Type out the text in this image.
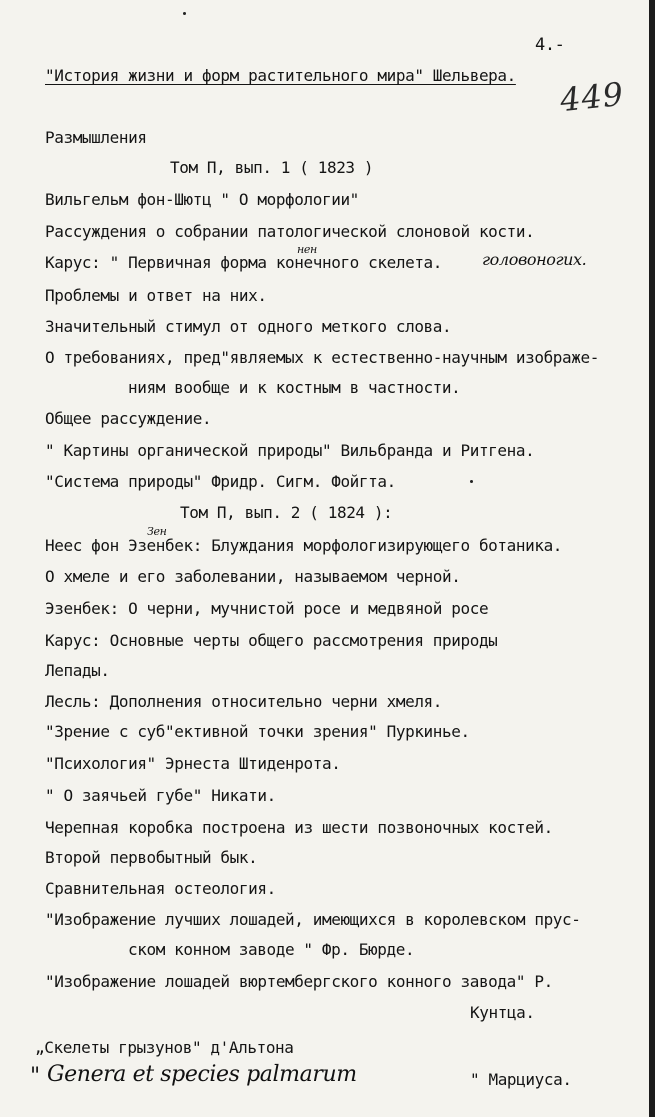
4.-
449
"История жизни и форм растительного мира" Шельвера.
Размышления
Том П, вып. 1 ( 1823 )
Вильгельм фон-Шютц " О морфологии"
Рассуждения о собрании патологической слоновой кости.
нен
Карус: " Первичная форма конечного скелета. головоногих.
Проблемы и ответ на них.
Значительный стимул от одного меткого слова.
О требованиях, пред"являемых к естественно-научным изображе-
ниям вообще и к костным в частности.
Общее рассуждение.
" Картины органической природы" Вильбранда и Ритгена.
"Система природы" Фридр. Сигм. Фойгта.
Том П, вып. 2 ( 1824 ):
Зен
Неес фон Эзенбек: Блуждания морфологизирующего ботаника.
О хмеле и его заболевании, называемом черной.
Эзенбек: О черни, мучнистой росе и медвяной росе
Карус: Основные черты общего рассмотрения природы
Лепады.
Лесль: Дополнения относительно черни хмеля.
"Зрение с суб"ективной точки зрения" Пуркинье.
"Психология" Эрнеста Штиденрота.
" О заячьей губе" Никати.
Черепная коробка построена из шести позвоночных костей.
Второй первобытный бык.
Сравнительная остеология.
"Изображение лучших лошадей, имеющихся в королевском прус-
ском конном заводе " Фр. Бюрде.
"Изображение лошадей вюртембергского конного завода" Р.
Кунтца.
„Скелеты грызунов" д'Альтона
" Genera et species palmarum	" Марциуса.
